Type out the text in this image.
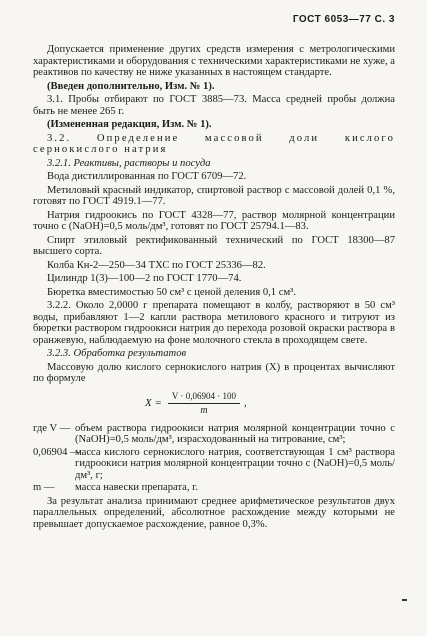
ГОСТ 6053—77 С. 3

Допускается применение других средств измерения с метрологическими характеристиками и оборудования с техническими характеристиками не хуже, а реактивов по качеству не ниже указанных в настоящем стандарте.

(Введен дополнительно, Изм. № 1).

3.1. Пробы отбирают по ГОСТ 3885—73. Масса средней пробы должна быть не менее 265 г.

(Измененная редакция, Изм. № 1).

3.2. Определение массовой доли кислого сернокислого натрия

3.2.1. Реактивы, растворы и посуда

Вода дистиллированная по ГОСТ 6709—72.

Метиловый красный индикатор, спиртовой раствор с массовой долей 0,1 %, готовят по ГОСТ 4919.1—77.

Натрия гидроокись по ГОСТ 4328—77, раствор молярной концентрации точно с (NaOH)=0,5 моль/дм³, готовят по ГОСТ 25794.1—83.

Спирт этиловый ректификованный технический по ГОСТ 18300—87 высшего сорта.

Колба Кн-2—250—34 ТХС по ГОСТ 25336—82.

Цилиндр 1(3)—100—2 по ГОСТ 1770—74.

Бюретка вместимостью 50 см³ с ценой деления 0,1 см³.

3.2.2. Около 2,0000 г препарата помещают в колбу, растворяют в 50 см³ воды, прибавляют 1—2 капли раствора метилового красного и титруют из бюретки раствором гидроокиси натрия до перехода розовой окраски раствора в оранжевую, наблюдаемую на фоне молочного стекла в проходящем свете.

3.2.3. Обработка результатов

Массовую долю кислого сернокислого натрия (X) в процентах вычисляют по формуле

$X = \frac{V \cdot 0,06904 \cdot 100}{m}$ ,
где V — объем раствора гидроокиси натрия молярной концентрации точно с (NaOH)=0,5 моль/дм³, израсходованный на титрование, см³;
0,06904 —
масса кислого сернокислого натрия, соответствующая 1 см³ раствора гидроокиси натрия молярной концентрации точно с (NaOH)=0,5 моль/дм³, г;
m —	масса навески препарата, г.

За результат анализа принимают среднее арифметическое результатов двух параллельных определений, абсолютное расхождение между которыми не превышает допускаемое расхождение, равное 0,3%.
